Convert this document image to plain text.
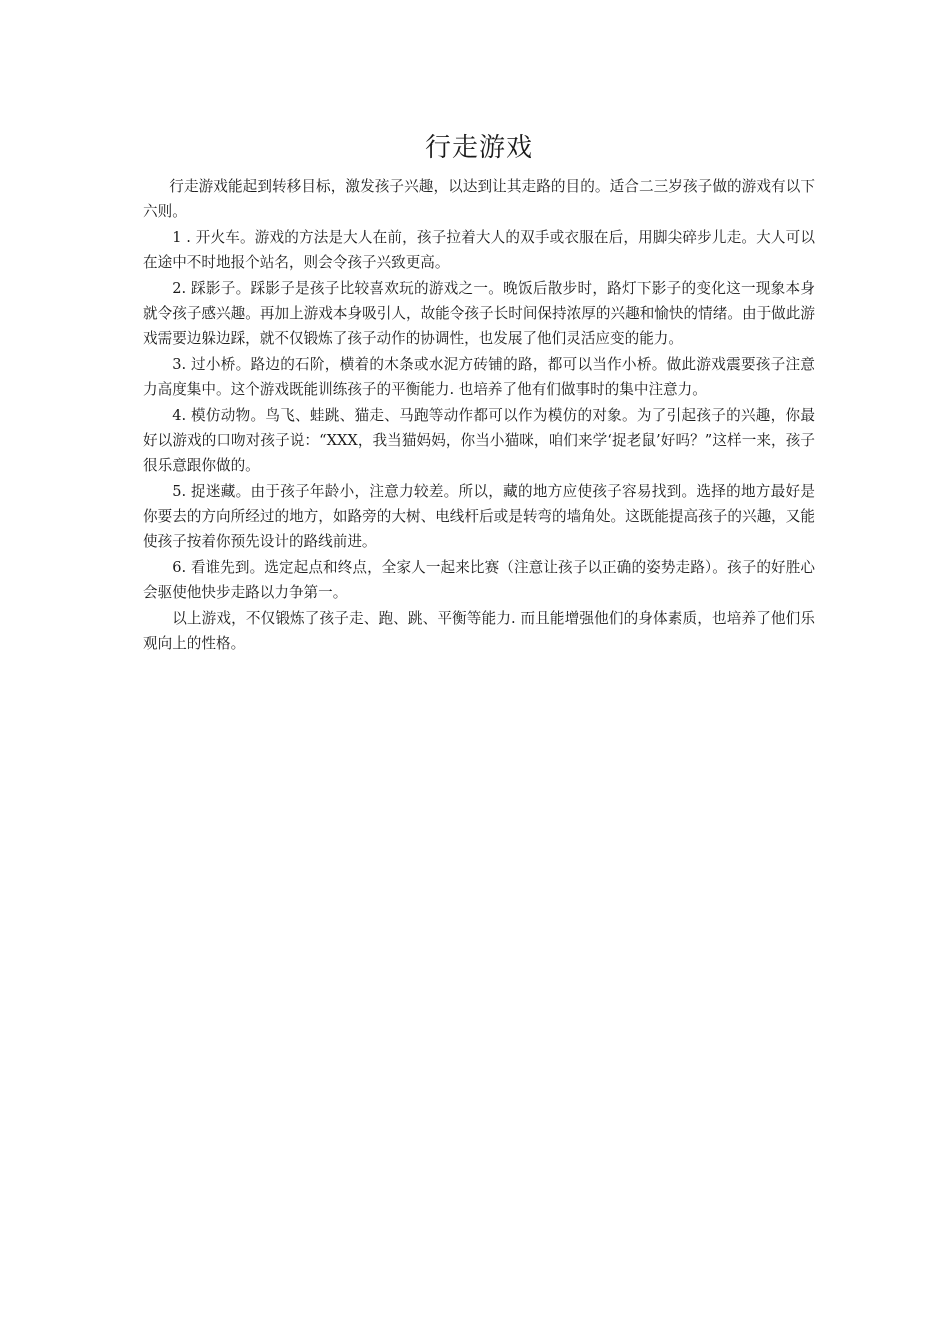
行走游戏

行走游戏能起到转移目标，激发孩子兴趣，以达到让其走路的目的。适合二三岁孩子做的游戏有以下六则。

1 . 开火车。游戏的方法是大人在前，孩子拉着大人的双手或衣服在后，用脚尖碎步儿走。大人可以在途中不时地报个站名，则会令孩子兴致更高。

2. 踩影子。踩影子是孩子比较喜欢玩的游戏之一。晚饭后散步时，路灯下影子的变化这一现象本身就令孩子感兴趣。再加上游戏本身吸引人，故能令孩子长时间保持浓厚的兴趣和愉快的情绪。由于做此游戏需要边躲边踩，就不仅锻炼了孩子动作的协调性，也发展了他们灵活应变的能力。

3. 过小桥。路边的石阶，横着的木条或水泥方砖铺的路，都可以当作小桥。做此游戏震要孩子注意力高度集中。这个游戏既能训练孩子的平衡能力. 也培养了他有们做事时的集中注意力。

4. 模仿动物。鸟飞、蛙跳、猫走、马跑等动作都可以作为模仿的对象。为了引起孩子的兴趣，你最好以游戏的口吻对孩子说：“XXX，我当猫妈妈，你当小猫咪，咱们来学‘捉老鼠’好吗？”这样一来，孩子很乐意跟你做的。

5. 捉迷藏。由于孩子年龄小，注意力较差。所以，藏的地方应使孩子容易找到。选择的地方最好是你要去的方向所经过的地方，如路旁的大树、电线杆后或是转弯的墙角处。这既能提高孩子的兴趣，又能使孩子按着你预先设计的路线前进。

6. 看谁先到。选定起点和终点，全家人一起来比赛（注意让孩子以正确的姿势走路）。孩子的好胜心会驱使他快步走路以力争第一。

以上游戏，不仅锻炼了孩子走、跑、跳、平衡等能力. 而且能增强他们的身体素质，也培养了他们乐观向上的性格。
